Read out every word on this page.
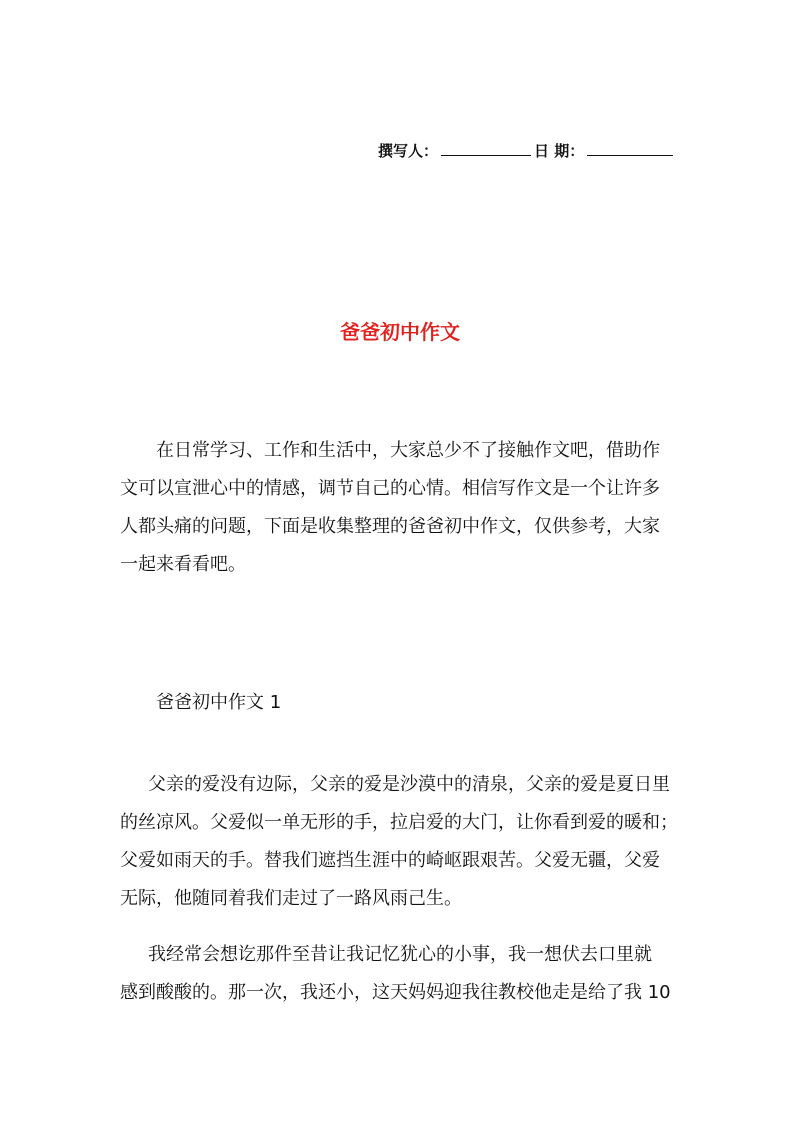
撰写人：	日 期：
爸爸初中作文
在日常学习、工作和生活中，大家总少不了接触作文吧，借助作
文可以宣泄心中的情感，调节自己的心情。相信写作文是一个让许多
人都头痛的问题，下面是收集整理的爸爸初中作文，仅供参考，大家
一起来看看吧。
爸爸初中作文 1
父亲的爱没有边际，父亲的爱是沙漠中的清泉，父亲的爱是夏日里
的丝凉风。父爱似一单无形的手，拉启爱的大门，让你看到爱的暖和；
父爱如雨天的手。替我们遮挡生涯中的崎岖跟艰苦。父爱无疆，父爱
无际，他随同着我们走过了一路风雨己生。
我经常会想讫那件至昔让我记忆犹心的小事，我一想伏去口里就
感到酸酸的。那一次，我还小，这天妈妈迎我往教校他走是给了我 10
